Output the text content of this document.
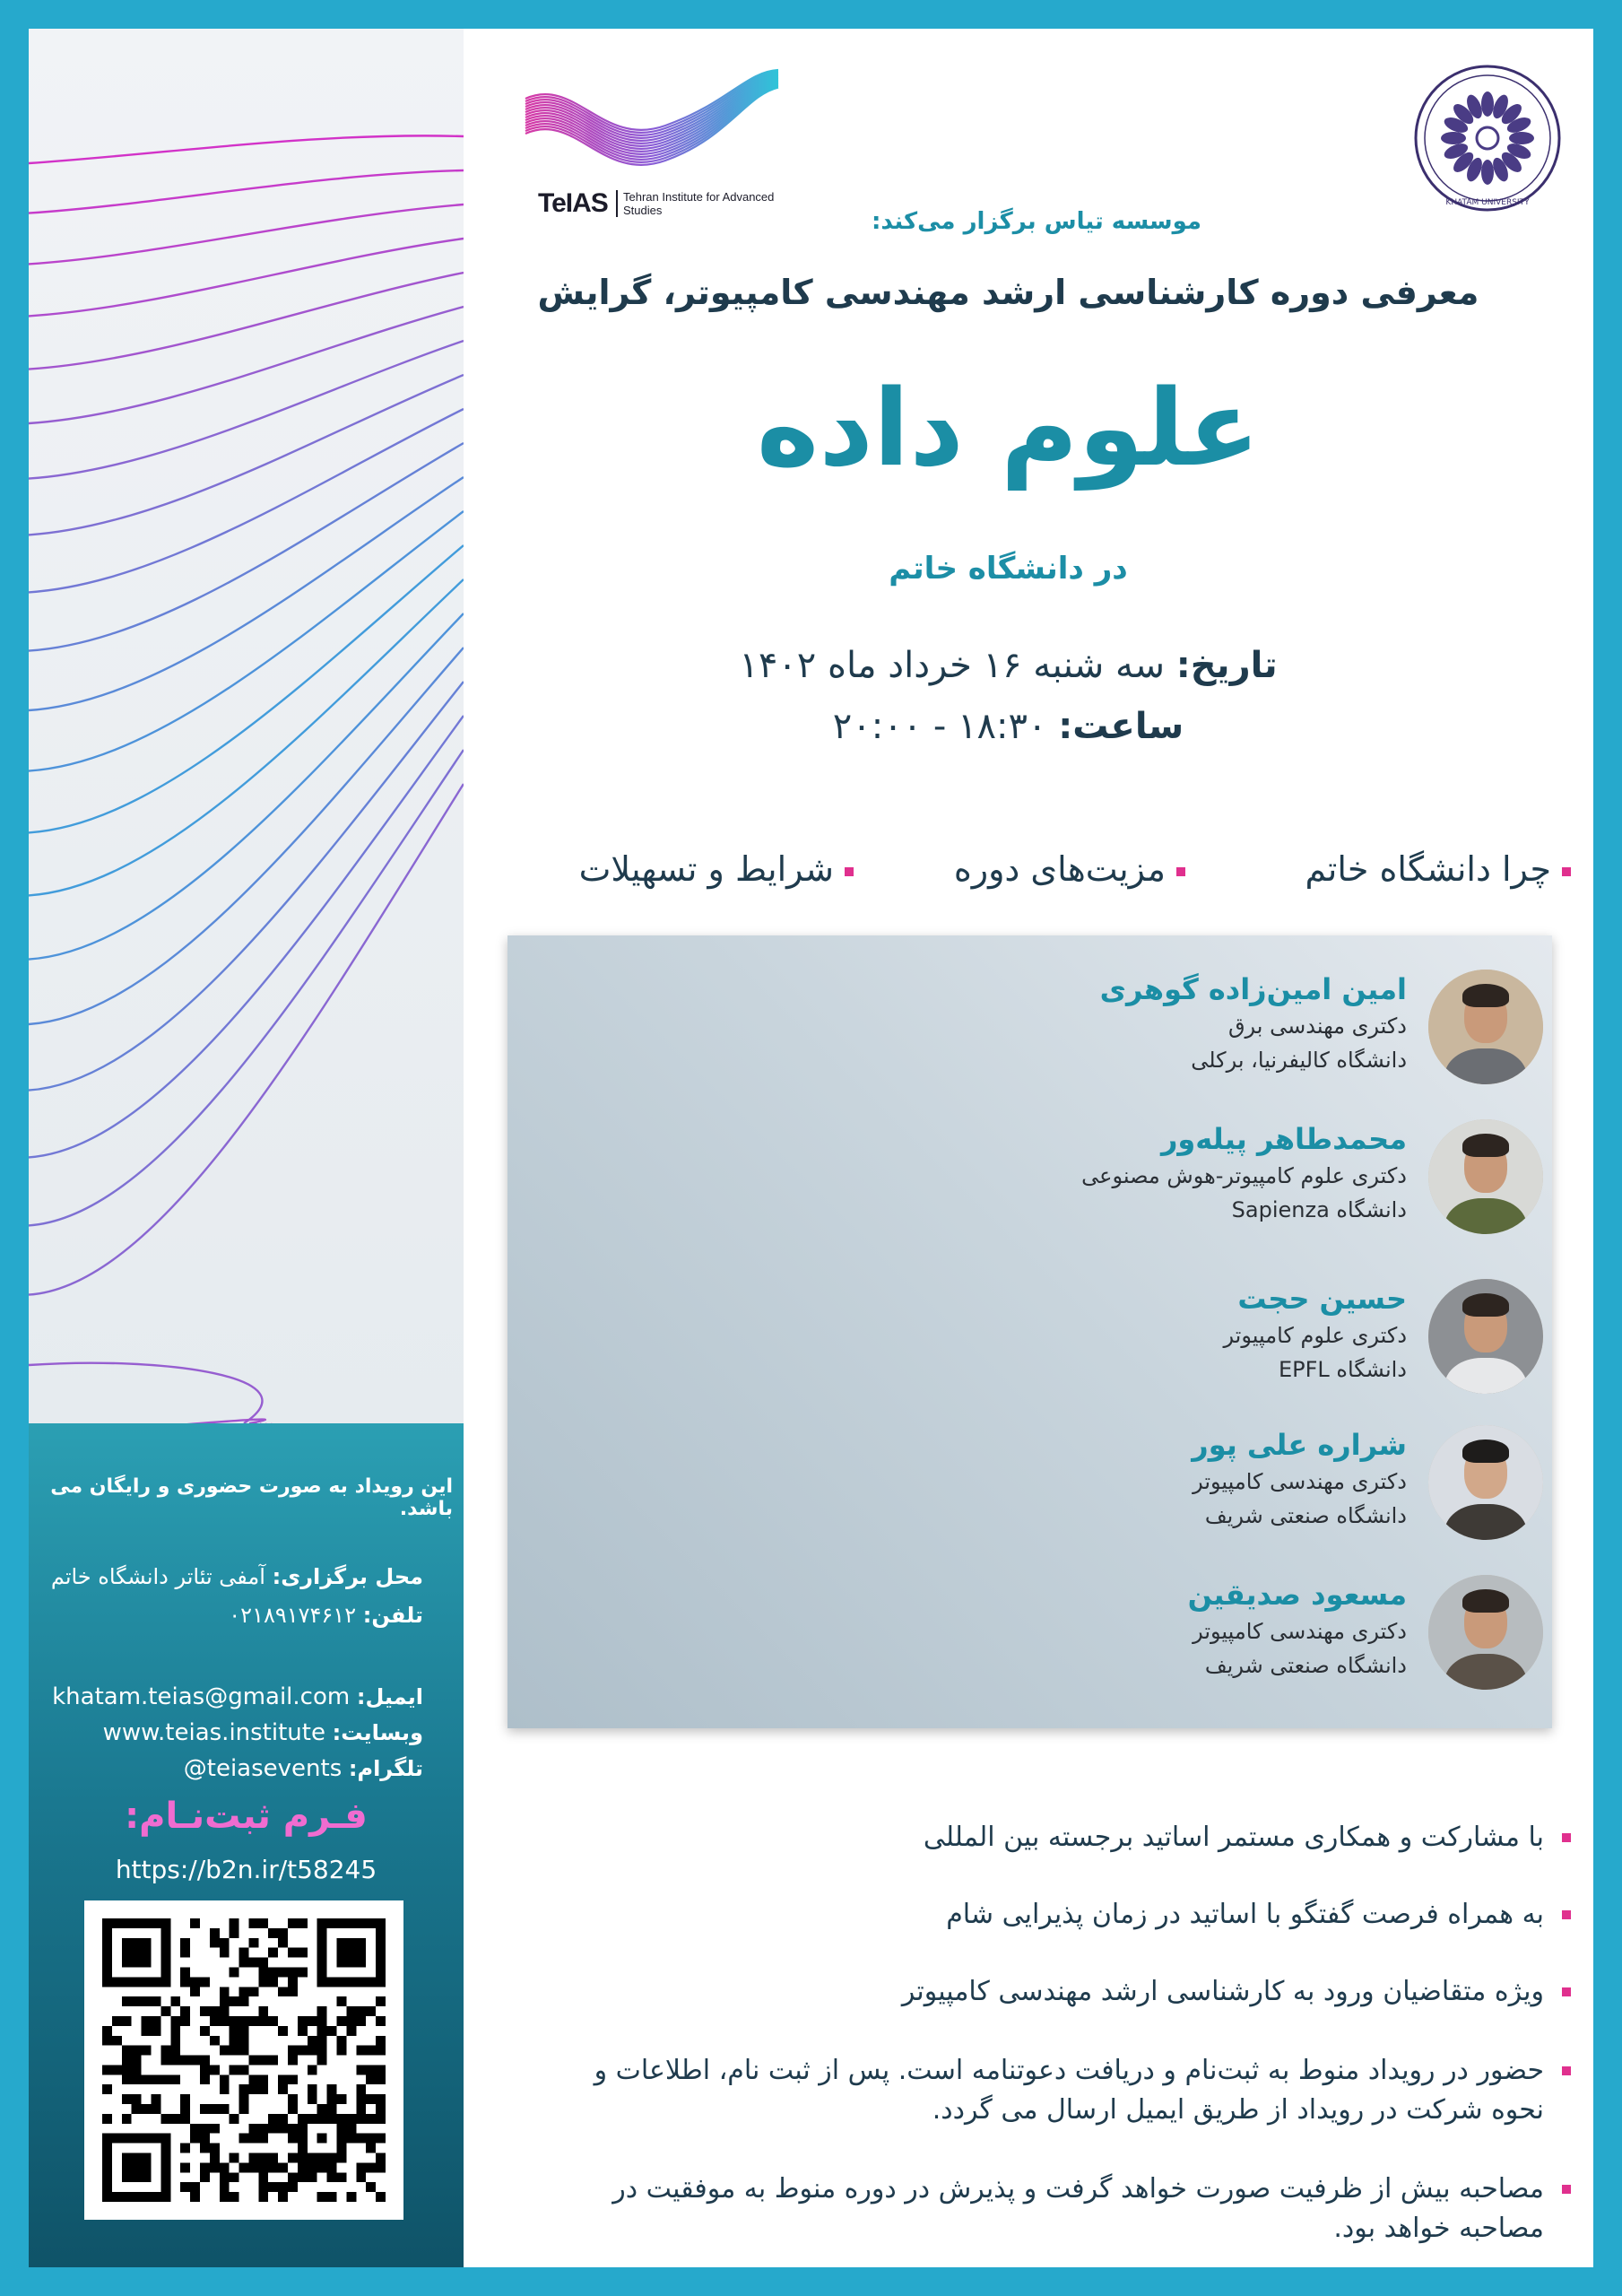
این رویداد به صورت حضوری و رایگان می باشد.
محل برگزاری: آمفی تئاتر دانشگاه خاتم
تلفن: ۰۲۱۸۹۱۷۴۶۱۲
ایمیل: khatam.teias@gmail.com
وبسایت: www.teias.institute
تلگرام: @teiasevents
فـرم ثبت‌نـام:
https://b2n.ir/t58245
TeIAS Tehran Institute for Advanced Studies
KHATAM UNIVERSITY
موسسه تیاس برگزار می‌کند:
معرفی دوره کارشناسی ارشد مهندسی کامپیوتر، گرایش
علوم داده
در دانشگاه خاتم
تاریخ: سه شنبه ۱۶ خرداد ماه ۱۴۰۲
ساعت: ۱۸:۳۰ - ۲۰:۰۰
چرا دانشگاه خاتم
مزیت‌های دوره
شرایط و تسهیلات
امین امین‌زاده گوهری
دکتری مهندسی برق
دانشگاه کالیفرنیا، برکلی
محمدطاهر پیله‌ور
دکتری علوم کامپیوتر-هوش مصنوعی
دانشگاه Sapienza
حسین حجت
دکتری علوم کامپیوتر
دانشگاه EPFL
شراره علی پور
دکتری مهندسی کامپیوتر
دانشگاه صنعتی شریف
مسعود صدیقین
دکتری مهندسی کامپیوتر
دانشگاه صنعتی شریف
با مشارکت و همکاری مستمر اساتید برجسته بین المللی
به همراه فرصت گفتگو با اساتید در زمان پذیرایی شام
ویژه متقاضیان ورود به کارشناسی ارشد مهندسی کامپیوتر
حضور در رویداد منوط به ثبت‌نام و دریافت دعوتنامه است. پس از ثبت نام، اطلاعات و نحوه شرکت در رویداد از طریق ایمیل ارسال می گردد.
مصاحبه بیش از ظرفیت صورت خواهد گرفت و پذیرش در دوره منوط به موفقیت در مصاحبه خواهد بود.
